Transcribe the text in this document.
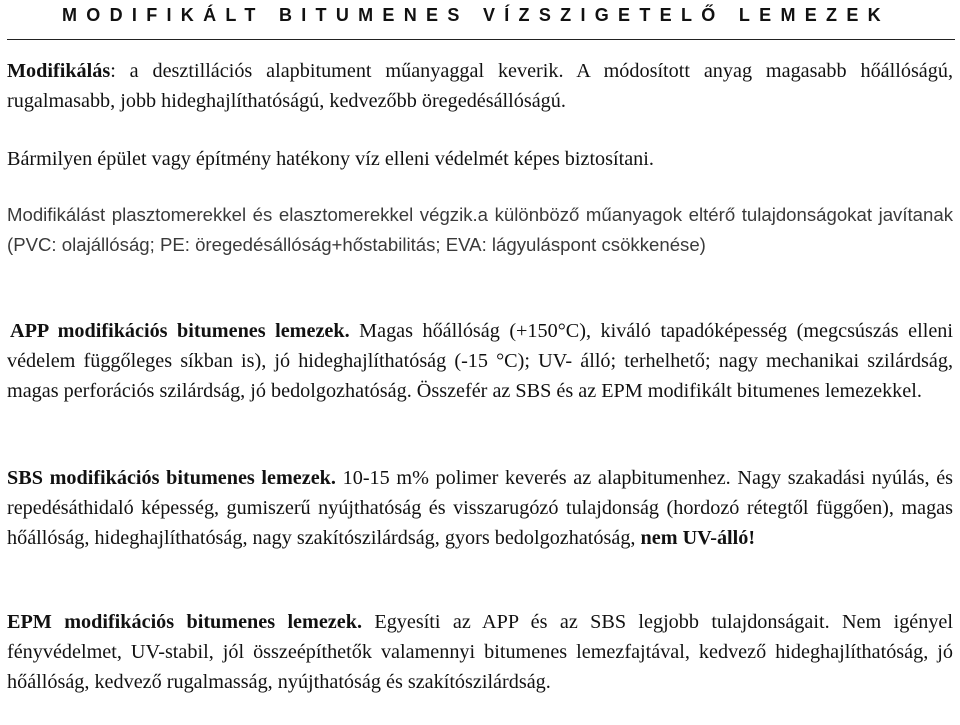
MODIFIKÁLT BITUMENES VÍZSZIGETELŐ LEMEZEK

Modifikálás: a desztillációs alapbitument műanyaggal keverik. A módosított anyag magasabb hőállóságú, rugalmasabb, jobb hideghajlíthatóságú, kedvezőbb öregedésállóságú.

Bármilyen épület vagy építmény hatékony víz elleni védelmét képes biztosítani.

Modifikálást plasztomerekkel és elasztomerekkel végzik.a különböző műanyagok eltérő tulajdonságokat javítanak (PVC: olajállóság; PE: öregedésállóság+hőstabilitás; EVA: lágyuláspont csökkenése)

APP modifikációs bitumenes lemezek. Magas hőállóság (+150°C), kiváló tapadóképesség (megcsúszás elleni védelem függőleges síkban is), jó hideghajlíthatóság (-15 °C); UV- álló; terhelhető; nagy mechanikai szilárdság, magas perforációs szilárdság, jó bedolgozhatóság. Összefér az SBS és az EPM modifikált bitumenes lemezekkel.

SBS modifikációs bitumenes lemezek. 10-15 m% polimer keverés az alapbitumenhez. Nagy szakadási nyúlás, és repedésáthidaló képesség, gumiszerű nyújthatóság és visszarugózó tulajdonság (hordozó rétegtől függően), magas hőállóság, hideghajlíthatóság, nagy szakítószilárdság, gyors bedolgozhatóság, nem UV-álló!

EPM modifikációs bitumenes lemezek. Egyesíti az APP és az SBS legjobb tulajdonságait. Nem igényel fényvédelmet, UV-stabil, jól összeépíthetők valamennyi bitumenes lemezfajtával, kedvező hideghajlíthatóság, jó hőállóság, kedvező rugalmasság, nyújthatóság és szakítószilárdság.
